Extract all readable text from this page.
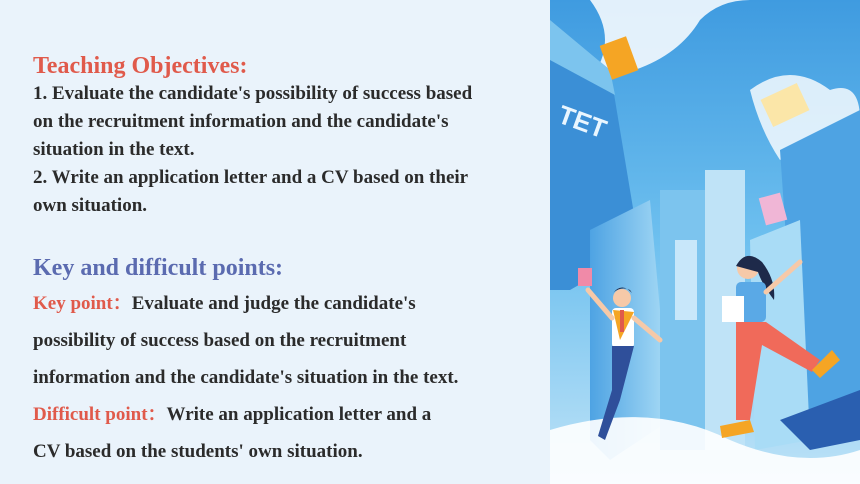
Teaching Objectives:
1. Evaluate the candidate's possibility of success based
on the recruitment information and the candidate's
situation in the text.
2. Write an application letter and a CV based on their
own situation.
Key and difficult points:
Key point：Evaluate and judge the candidate's
possibility of success based on the recruitment
information and the candidate's situation in the text.
Difficult point：Write an application letter and a
CV based on the students' own situation.
TET
